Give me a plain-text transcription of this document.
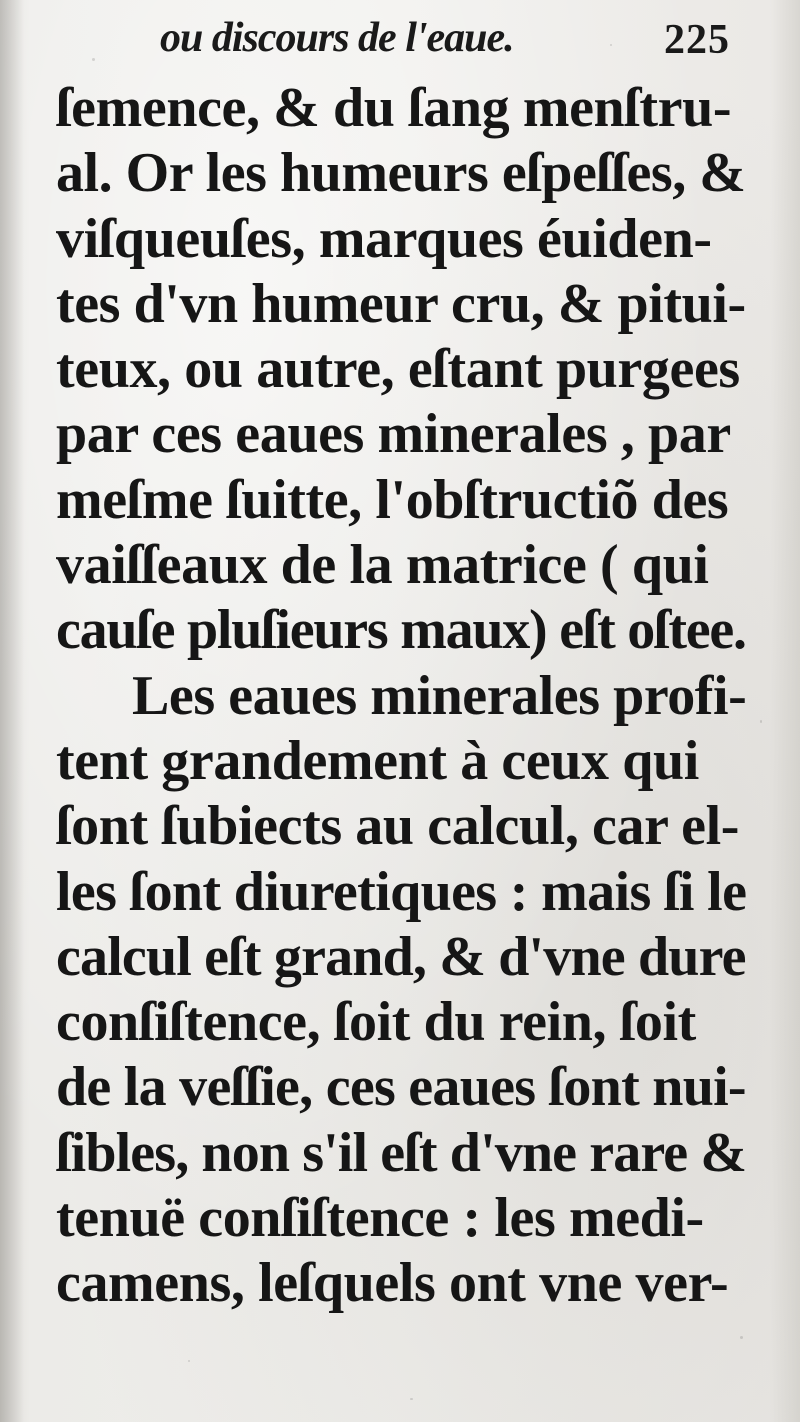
ou discours de l'eaue.	225
ſemence, & du ſang menſtru-
al. Or les humeurs eſpeſſes, &
viſqueuſes, marques éuiden-
tes d'vn humeur cru, & pitui-
teux, ou autre, eſtant purgees
par ces eaues minerales , par
meſme ſuitte, l'obſtructiõ des
vaiſſeaux de la matrice ( qui
cauſe pluſieurs maux) eſt oſtee.
Les eaues minerales profi-
tent grandement à ceux qui
ſont ſubiects au calcul, car el-
les ſont diuretiques : mais ſi le
calcul eſt grand, & d'vne dure
conſiſtence, ſoit du rein, ſoit
de la veſſie, ces eaues ſont nui-
ſibles, non s'il eſt d'vne rare &
tenuë conſiſtence : les medi-
camens, leſquels ont vne ver-
